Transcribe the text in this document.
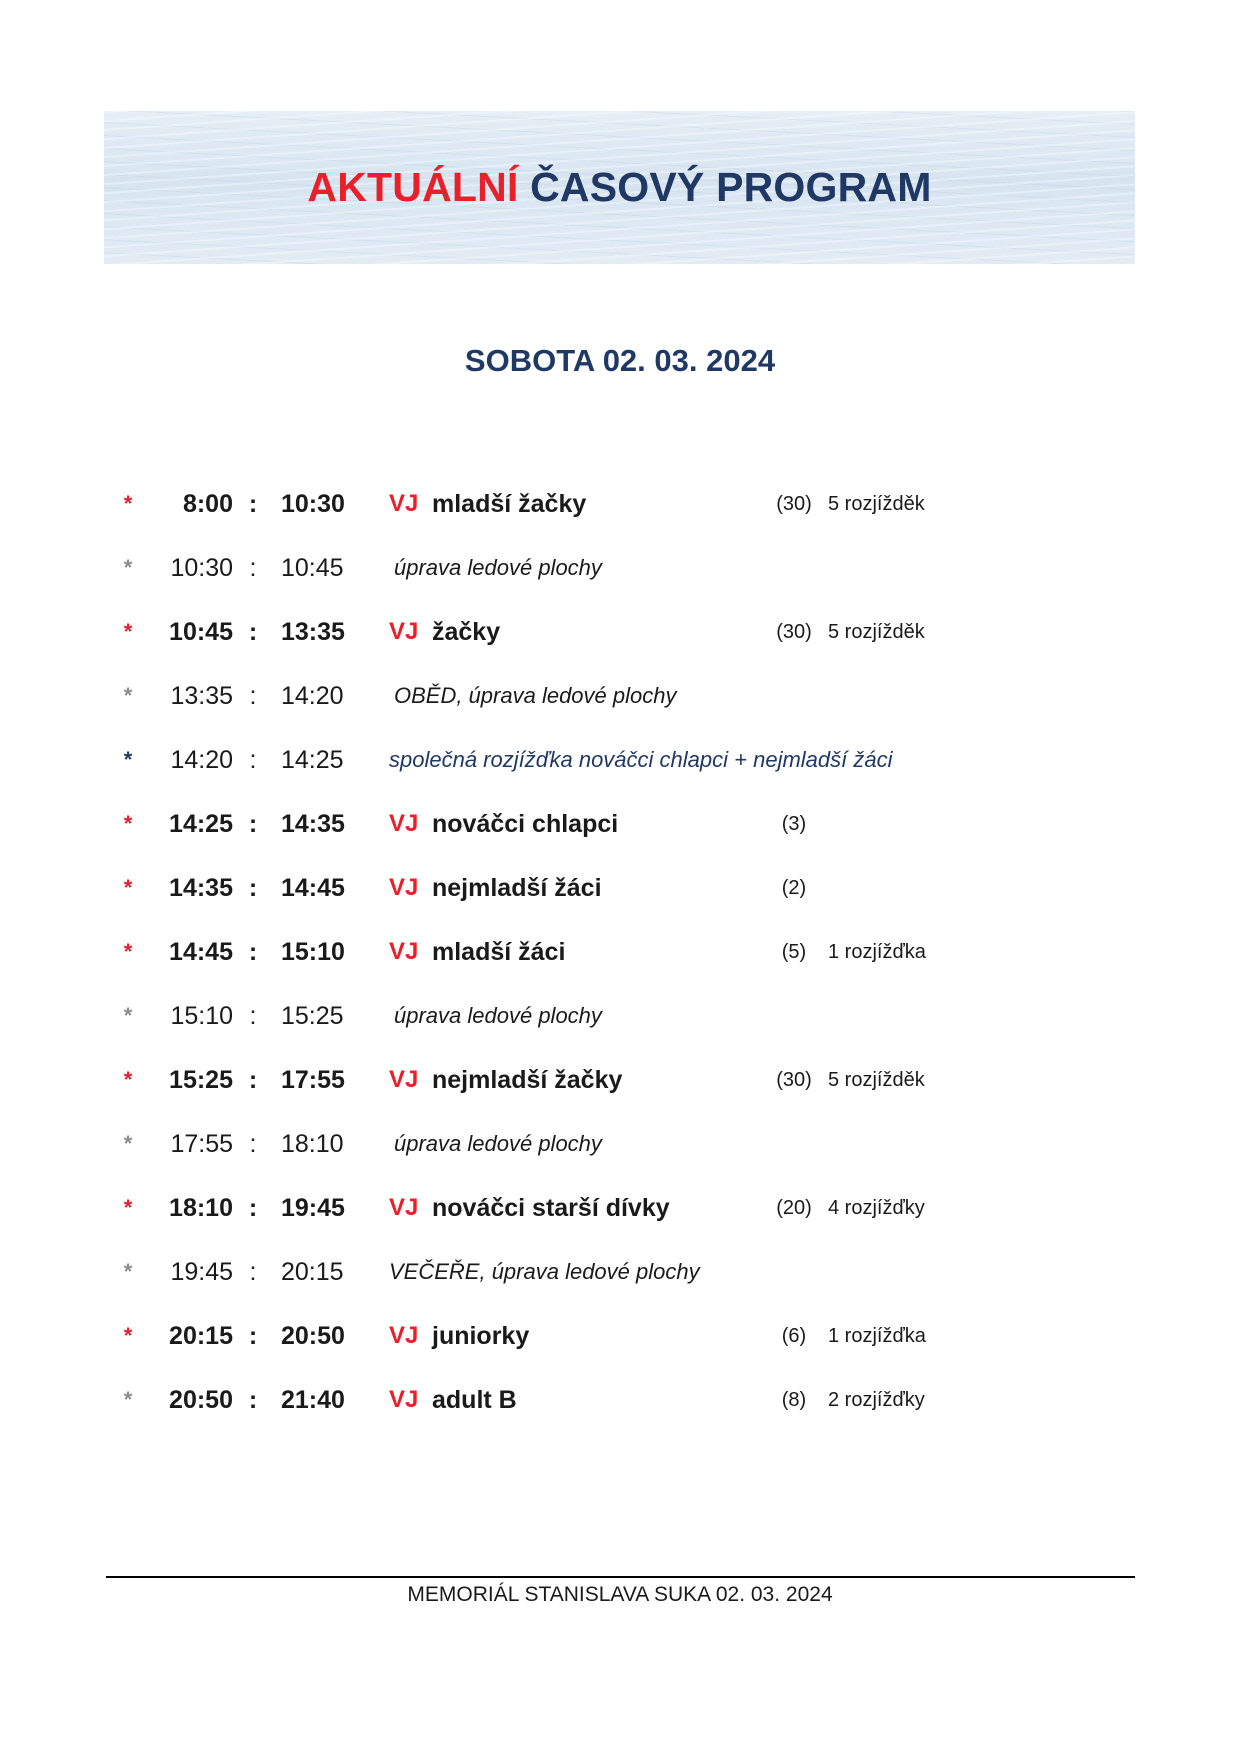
AKTUÁLNÍ ČASOVÝ PROGRAM
SOBOTA 02. 03. 2024
*	8:00 : 10:30 VJ mladší žačky	(30) 5 rozjížděk
*	10:30 : 10:45 úprava ledové plochy
*	10:45 : 13:35 VJ žačky	(30) 5 rozjížděk
*	13:35 : 14:20 OBĚD, úprava ledové plochy
*	14:20 : 14:25 společná rozjížďka nováčci chlapci + nejmladší žáci
*	14:25 : 14:35 VJ nováčci chlapci	(3)
*	14:35 : 14:45 VJ nejmladší žáci	(2)
*	14:45 : 15:10 VJ mladší žáci	(5)	1 rozjížďka
*	15:10 : 15:25 úprava ledové plochy
*	15:25 : 17:55 VJ nejmladší žačky	(30) 5 rozjížděk
*	17:55 : 18:10 úprava ledové plochy
*	18:10 : 19:45 VJ nováčci starší dívky	(20) 4 rozjížďky
*	19:45 : 20:15 VEČEŘE, úprava ledové plochy
*	20:15 : 20:50 VJ juniorky	(6)	1 rozjížďka
*	20:50 : 21:40 VJ adult B	(8)	2 rozjížďky
MEMORIÁL STANISLAVA SUKA 02. 03. 2024
